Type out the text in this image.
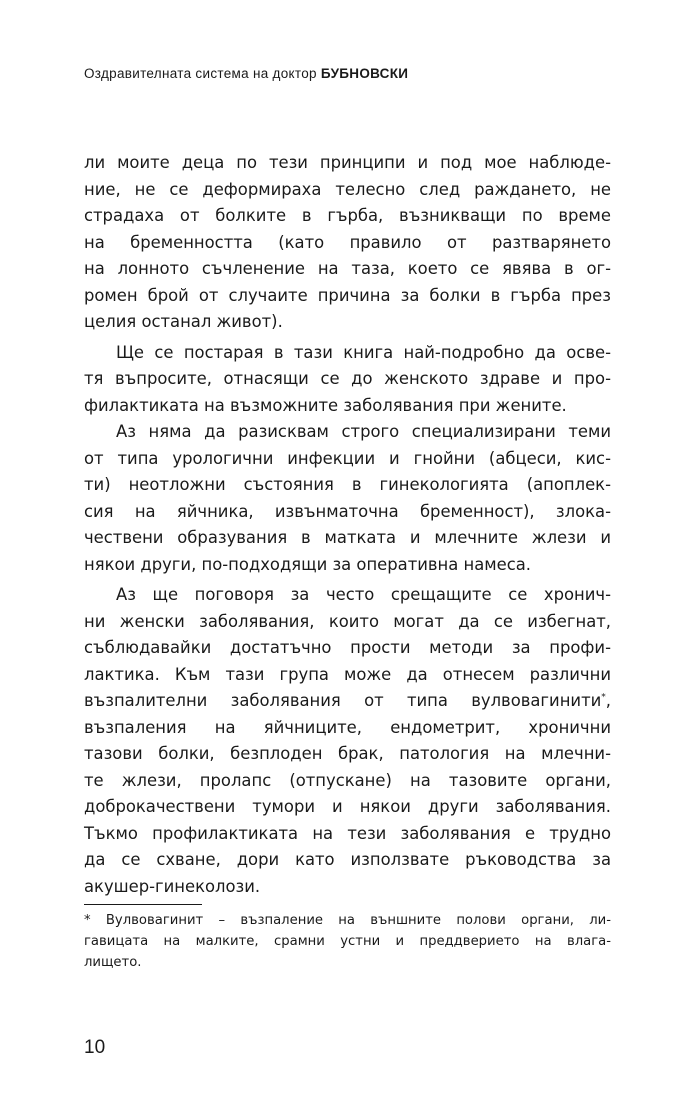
Оздравителната система на доктор БУБНОВСКИ
ли моите деца по тези принципи и под мое наблюде-
ние, не се деформираха телесно след раждането, не
страдаха от болките в гърба, възникващи по време
на бременността (като правило от разтварянето
на лонното съчленение на таза, което се явява в ог-
ромен брой от случаите причина за болки в гърба през
целия останал живот).
Ще се постарая в тази книга най-подробно да осве-
тя въпросите, отнасящи се до женското здраве и про-
филактиката на възможните заболявания при жените.
Аз няма да разисквам строго специализирани теми
от типа урологични инфекции и гнойни (абцеси, кис-
ти) неотложни състояния в гинекологията (апоплек-
сия на яйчника, извънматочна бременност), злока-
чествени образувания в матката и млечните жлези и
някои други, по-подходящи за оперативна намеса.
Аз ще поговоря за често срещащите се хронич-
ни женски заболявания, които могат да се избегнат,
съблюдавайки достатъчно прости методи за профи-
лактика. Към тази група може да отнесем различни
възпалителни заболявания от типа вулвовагинити*,
възпаления на яйчниците, ендометрит, хронични
тазови болки, безплоден брак, патология на млечни-
те жлези, пролапс (отпускане) на тазовите органи,
доброкачествени тумори и някои други заболявания.
Тъкмо профилактиката на тези заболявания е трудно
да се схване, дори като използвате ръководства за
акушер-гинеколози.
* Вулвовагинит – възпаление на външните полови органи, ли-
гавицата на малките, срамни устни и преддверието на влага-
лището.
10
